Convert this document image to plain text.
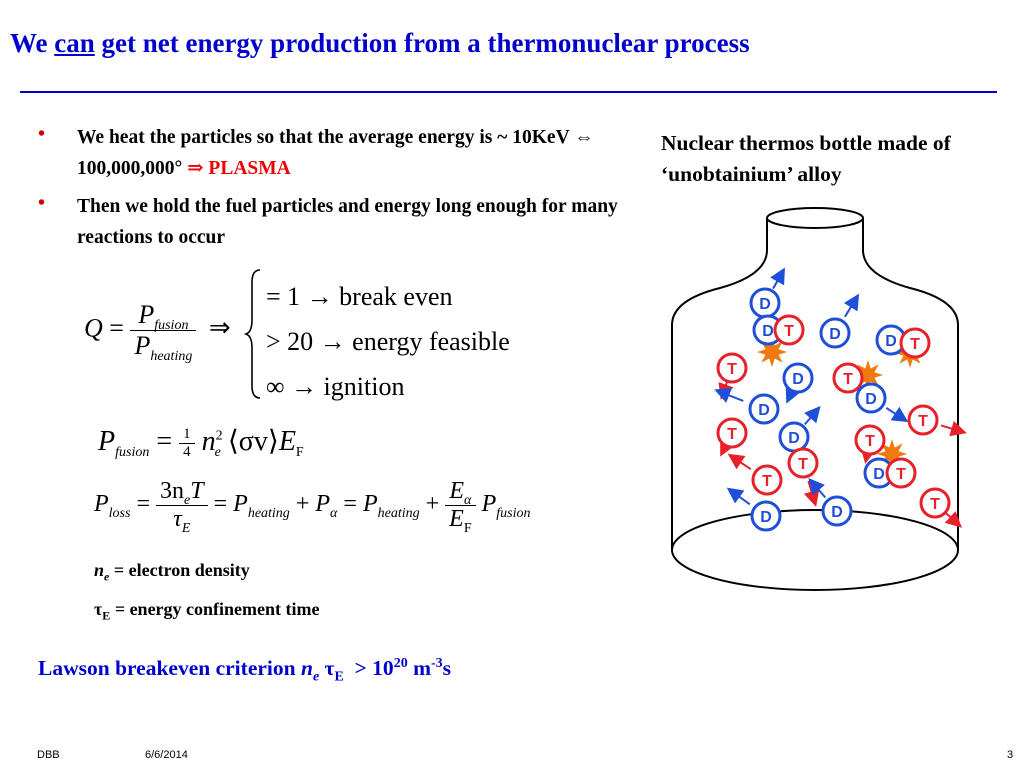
We can get net energy production from a thermonuclear process
• We heat the particles so that the average energy is ~ 10KeV ⇔ 100,000,000° ⇒ PLASMA
• Then we hold the fuel particles and energy long enough for many reactions to occur
$Q = \frac{P_{fusion}}{P_{heating}}$ ⇒
= 1 → break even
> 20 → energy feasible
∞ → ignition
$P_{fusion} = \frac{1}{4} n^2_e$ $⟨\sigma v⟩E_F$
$P_{loss} = \frac{3n_eT}{\tau_E} = P_{heating} + P_\alpha = P_{heating} + \frac{E_\alpha}{E_F} P_{fusion}$
$n_e$ = electron density
$\tau_E$ = energy confinement time
Nuclear thermos bottle made of ‘unobtainium’ alloy
D
D T D	D T
T
D T
D
D
T
T	T
D
T
D T
T
D
D
T
Lawson breakeven criterion $n_e$ $\tau_E > 10^{20}$ $m^{-3}s$
DBB	6/6/2014	3
